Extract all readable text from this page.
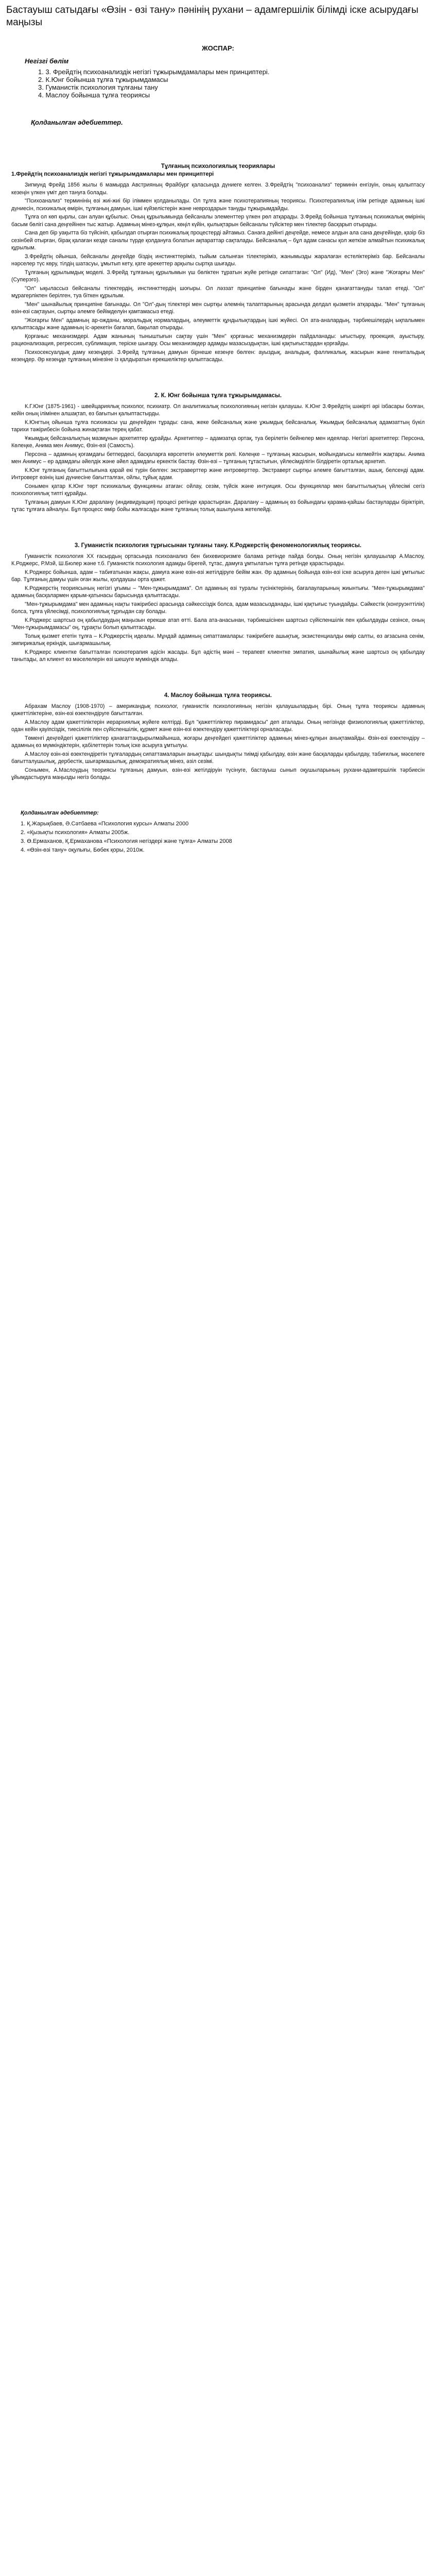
Бастауыш сатыдағы «Өзін - өзі тану» пәнінің рухани – адамгершілік білімді іске асырудағы маңызы
ЖОСПАР:
Негізгі бөлім
1. 3. Фрейдтің психоанализдік негізгі тұжырымдамалары мен принциптері.
2. К.Юнг бойынша тұлға тұжырымдамасы
3. Гуманистік психология тұлғаны тану
4. Маслоу бойынша тұлға теориясы
Қолданылған әдебиеттер.
Тұлғаның психологиялық теориялары
1.Фрейдтің психоанализдік негізгі тұжырымдамалары мен принциптері

Зигмунд Фрейд 1856 жылы 6 мамырда Австрияның Фрайбург қаласында дүниеге келген. З.Фрейдтің "психоанализ" терминін енгізуін, оның қалыптасу кезеңін үлкен үміт деп тануға болады.

"Психоанализ" терминінің өзі жиі-жиі бір іліммен қолданылады. Ол тұлға және психотерапияның теориясы. Психотерапиялық ілім ретінде адамның ішкі дүниесін, психикалық өмірін, тұлғаның дамуын, ішкі күйзелістерін және невроздарын тануды тұжырымдайды.

Тұлға ол көп қырлы, сан алуан құбылыс. Оның құрылымында бейсаналы элементтер үлкен рөл атқарады. З.Фрейд бойынша тұлғаның психикалық өмірінің басым бөлігі сана деңгейінен тыс жатыр. Адамның мінез-құлқын, көңіл күйін, қылықтарын бейсаналы түйсіктер мен тілектер басқарып отырады.

Сана деп бір уақытта біз түйсініп, қабылдап отырған психикалық процестерді айтамыз. Санаға дейінгі деңгейде, немесе алдын ала сана деңгейінде, қазір біз сезінбей отырған, бірақ қалаған кезде саналы түрде қолдануға болатын ақпараттар сақталады. Бейсаналық – бұл адам санасы қол жеткізе алмайтын психикалық құрылым.

З.Фрейдтің ойынша, бейсаналы деңгейде біздің инстинкттеріміз, тыйым салынған тілектеріміз, жанымызды жаралаған естеліктеріміз бар. Бейсаналы нәрселер түс көру, тілдің шатасуы, ұмытып кету, қате әрекеттер арқылы сыртқа шығады.

Тұлғаның құрылымдық моделі. З.Фрейд тұлғаның құрылымын үш бөліктен тұратын жүйе ретінде сипаттаған: "Ол" (Ид), "Мен" (Эго) және "Жоғарғы Мен" (Суперэго).

"Ол" ықылассыз бейсаналы тілектердің, инстинкттердің шоғыры. Ол ләззат принципіне бағынады және бірден қанағаттануды талап етеді. "Ол" мұрагерлікпен берілген, туа біткен құрылым.

"Мен" шынайылық принципіне бағынады. Ол "Ол"-дың тілектері мен сыртқы әлемнің талаптарының арасында делдал қызметін атқарады. "Мен" тұлғаның өзін-өзі сақтауын, сыртқы әлемге бейімделуін қамтамасыз етеді.

"Жоғарғы Мен" адамның ар-ожданы, моральдық нормалардың, әлеуметтік құндылықтардың ішкі жүйесі. Ол ата-аналардың, тәрбиешілердің ықпалымен қалыптасады және адамның іс-әрекетін бағалап, бақылап отырады.

Қорғаныс механизмдері. Адам жанының тыныштығын сақтау үшін "Мен" қорғаныс механизмдерін пайдаланады: ығыстыру, проекция, ауыстыру, рационализация, регрессия, сублимация, теріске шығару. Осы механизмдер адамды мазасыздықтан, ішкі қақтығыстардан қорғайды.

Психосексуалдық даму кезеңдері. З.Фрейд тұлғаның дамуын бірнеше кезеңге бөлген: ауыздық, анальдық, фалликалық, жасырын және генитальдық кезеңдер. Әр кезеңде тұлғаның мінезіне із қалдыратын ерекшеліктер қалыптасады.

2. К. Юнг бойынша тұлға тұжырымдамасы.

К.Г.Юнг (1875-1961) - швейцариялық психолог, психиатр. Ол аналитикалық психологияның негізін қалаушы. К.Юнг З.Фрейдтің шәкірті әрі ізбасары болған, кейін оның ілімінен алшақтап, өз бағытын қалыптастырды.

К.Юнгтың ойынша тұлға психикасы үш деңгейден тұрады: сана, жеке бейсаналық және ұжымдық бейсаналық. Ұжымдық бейсаналық адамзаттың бүкіл тарихи тәжірибесін бойына жинақтаған терең қабат.

Ұжымдық бейсаналықтың мазмұнын архетиптер құрайды. Архетиптер – адамзатқа ортақ, туа берілетін бейнелер мен идеялар. Негізгі архетиптер: Персона, Көлеңке, Анима мен Анимус, Өзін-өзі (Самость).

Персона – адамның қоғамдағы бетпердесі, басқаларға көрсететін әлеуметтік рөлі. Көлеңке – тұлғаның жасырын, мойындағысы келмейтін жақтары. Анима мен Анимус – ер адамдағы әйелдік және әйел адамдағы еркектік бастау. Өзін-өзі – тұлғаның тұтастығын, үйлесімділігін білдіретін орталық архетип.

К.Юнг тұлғаның бағыттылығына қарай екі түрін бөлген: экстраверттер және интроверттер. Экстраверт сыртқы әлемге бағытталған, ашық, белсенді адам. Интроверт өзінің ішкі дүниесіне бағытталған, ойлы, тұйық адам.

Сонымен қатар К.Юнг төрт психикалық функцияны атаған: ойлау, сезім, түйсік және интуиция. Осы функциялар мен бағыттылықтың үйлесімі сегіз психологиялық типті құрайды.

Тұлғаның дамуын К.Юнг даралану (индивидуация) процесі ретінде қарастырған. Даралану – адамның өз бойындағы қарама-қайшы бастауларды біріктіріп, тұтас тұлғаға айналуы. Бұл процесс өмір бойы жалғасады және тұлғаның толық ашылуына жетелейді.

3. Гуманистік психология тұрғысынан тұлғаны тану. К.Роджерстің феноменологиялық теориясы.

Гуманистік психология ХХ ғасырдың ортасында психоанализ бен бихевиоризмге балама ретінде пайда болды. Оның негізін қалаушылар А.Маслоу, К.Роджерс, Р.Мэй, Ш.Бюлер және т.б. Гуманистік психология адамды бірегей, тұтас, дамуға ұмтылатын тұлға ретінде қарастырады.

К.Роджерс бойынша, адам – табиғатынан жақсы, дамуға және өзін-өзі жетілдіруге бейім жан. Әр адамның бойында өзін-өзі іске асыруға деген ішкі ұмтылыс бар. Тұлғаның дамуы үшін оған жылы, қолдаушы орта қажет.

К.Роджерстің теориясының негізгі ұғымы – "Мен-тұжырымдама". Ол адамның өзі туралы түсініктерінің, бағалауларының жиынтығы. "Мен-тұжырымдама" адамның басқалармен қарым-қатынасы барысында қалыптасады.

"Мен-тұжырымдама" мен адамның нақты тәжірибесі арасында сәйкессіздік болса, адам мазасызданады, ішкі қақтығыс туындайды. Сәйкестік (конгруэнттілік) болса, тұлға үйлесімді, психологиялық тұрғыдан сау болады.

К.Роджерс шартсыз оң қабылдаудың маңызын ерекше атап өтті. Бала ата-анасынан, тәрбиешісінен шартсыз сүйіспеншілік пен қабылдауды сезінсе, оның "Мен-тұжырымдамасы" оң, тұрақты болып қалыптасады.

Толық қызмет ететін тұлға – К.Роджерстің идеалы. Мұндай адамның сипаттамалары: тәжірибеге ашықтық, экзистенциалды өмір салты, өз ағзасына сенім, эмпирикалық еркіндік, шығармашылық.

К.Роджерс клиентке бағытталған психотерапия әдісін жасады. Бұл әдістің мәні – терапевт клиентке эмпатия, шынайылық және шартсыз оң қабылдау танытады, ал клиент өз мәселелерін өзі шешуге мүмкіндік алады.

4. Маслоу бойынша тұлға теориясы.

Абрахам Маслоу (1908-1970) – американдық психолог, гуманистік психологияның негізін қалаушылардың бірі. Оның тұлға теориясы адамның қажеттіліктеріне, өзін-өзі өзектендіруге бағытталған.

А.Маслоу адам қажеттіліктерін иерархиялық жүйеге келтірді. Бұл "қажеттіліктер пирамидасы" деп аталады. Оның негізінде физиологиялық қажеттіліктер, одан кейін қауіпсіздік, тиесілілік пен сүйіспеншілік, құрмет және өзін-өзі өзектендіру қажеттіліктері орналасады.

Төменгі деңгейдегі қажеттіліктер қанағаттандырылмайынша, жоғары деңгейдегі қажеттіліктер адамның мінез-құлқын анықтамайды. Өзін-өзі өзектендіру – адамның өз мүмкіндіктерін, қабілеттерін толық іске асыруға ұмтылуы.

А.Маслоу өзін-өзі өзектендіретін тұлғалардың сипаттамаларын анықтады: шындықты тиімді қабылдау, өзін және басқаларды қабылдау, табиғилық, мәселеге бағытталушылық, дербестік, шығармашылық, демократиялық мінез, әзіл сезімі.

Сонымен, А.Маслоудың теориясы тұлғаның дамуын, өзін-өзі жетілдіруін түсінуге, бастауыш сынып оқушыларының рухани-адамгершілік тәрбиесін ұйымдастыруға маңызды негіз болады.

Қолданылған әдебиеттер:

1. Қ.Жарықбаев, Ә.Сәтбаева «Психология курсы» Алматы 2000

2. «Қызықты психология» Алматы 2005ж.

3. Ө.Ермаханов, Қ.Ермаханова «Психология негіздері және тұлға» Алматы 2008

4. «Өзін-өзі тану» оқулығы, Бөбек қоры, 2010ж.
